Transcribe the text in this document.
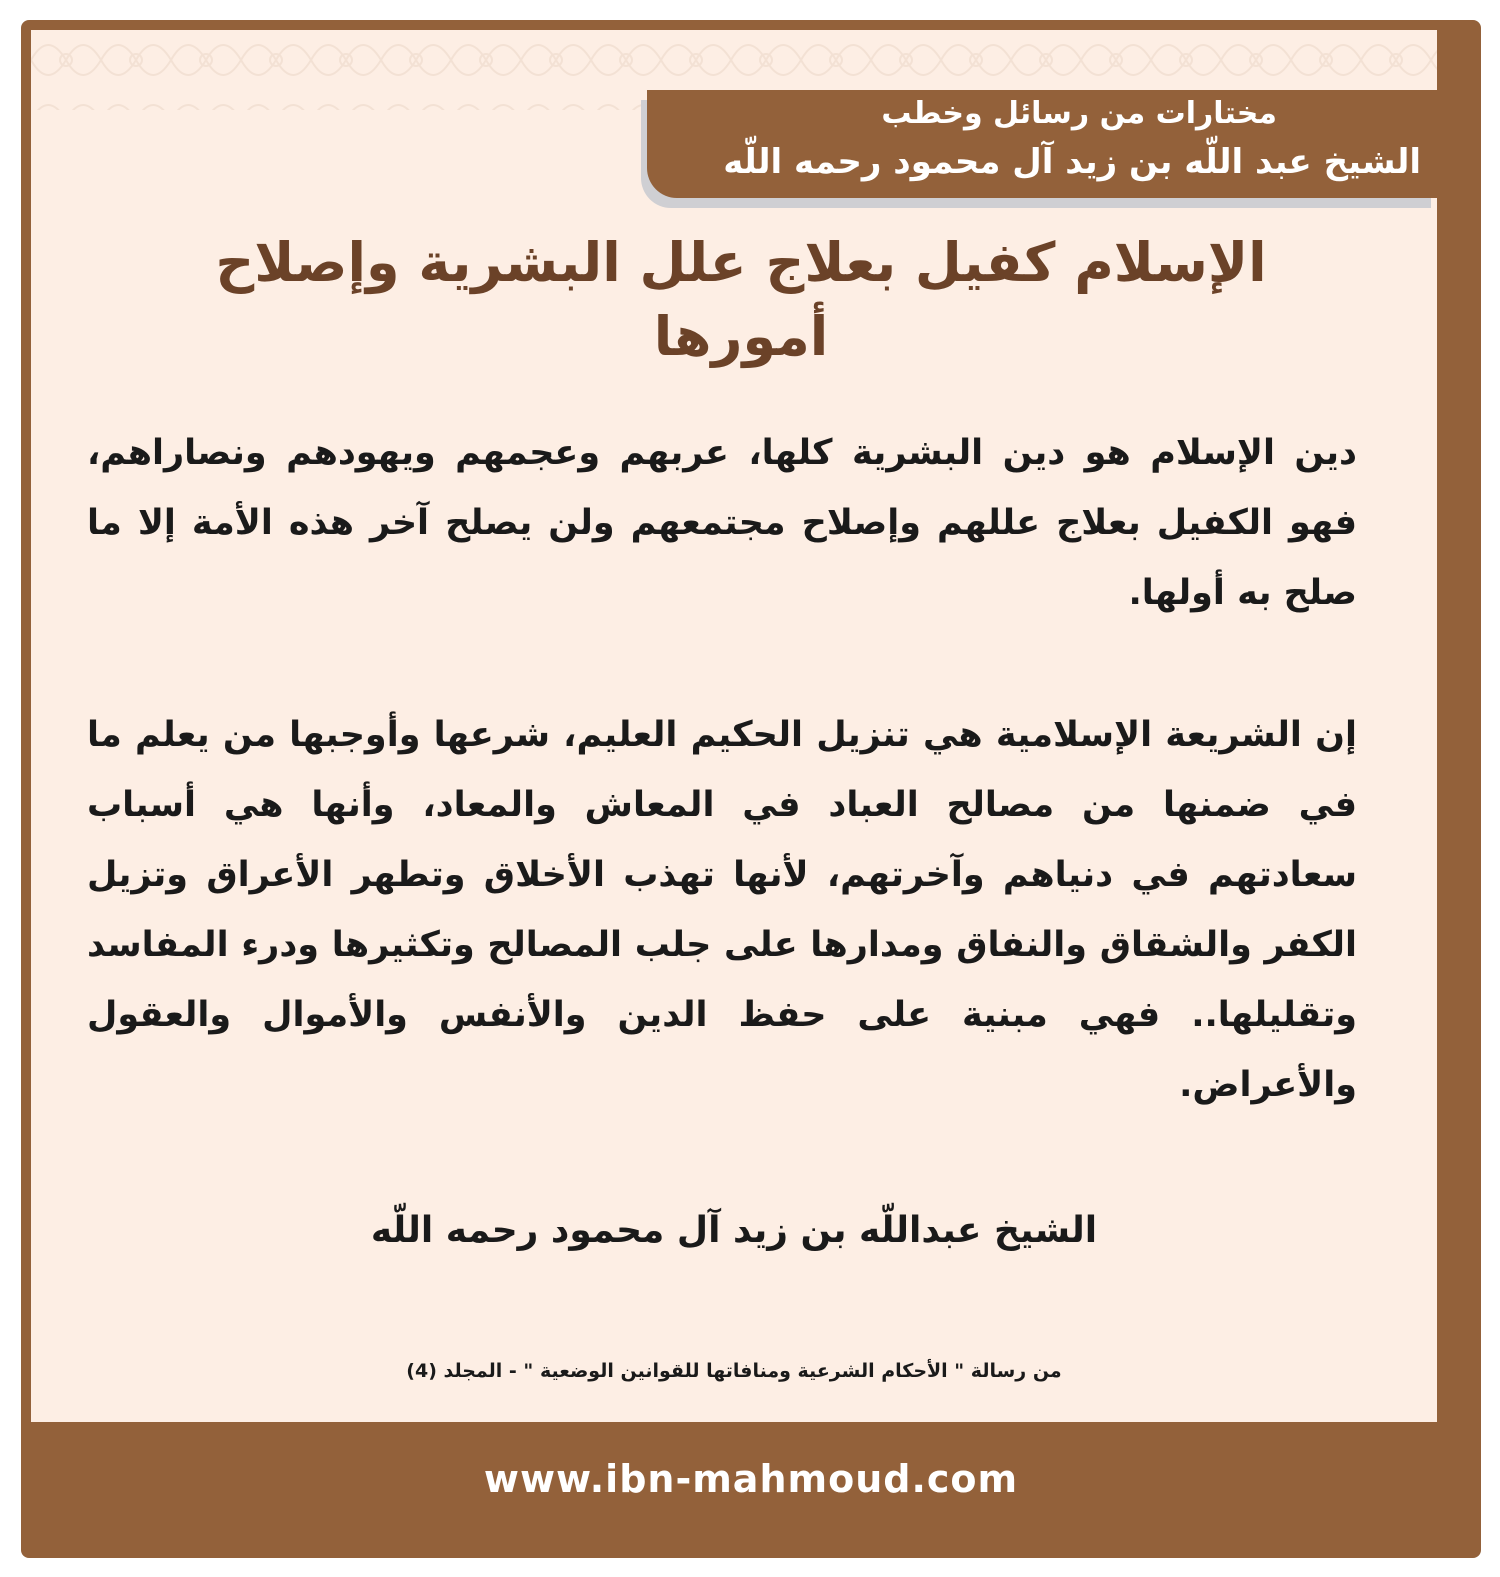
مختارات من رسائل وخطب
الشيخ عبد اللّه بن زيد آل محمود رحمه اللّه
الإسلام كفيل بعلاج علل البشرية وإصلاح أمورها
دين الإسلام هو دين البشرية كلها، عربهم وعجمهم ويهودهم ونصاراهم، فهو الكفيل بعلاج عللهم وإصلاح مجتمعهم ولن يصلح آخر هذه الأمة إلا ما صلح به أولها.
إن الشريعة الإسلامية هي تنزيل الحكيم العليم، شرعها وأوجبها من يعلم ما في ضمنها من مصالح العباد في المعاش والمعاد، وأنها هي أسباب سعادتهم في دنياهم وآخرتهم، لأنها تهذب الأخلاق وتطهر الأعراق وتزيل الكفر والشقاق والنفاق ومدارها على جلب المصالح وتكثيرها ودرء المفاسد وتقليلها.. فهي مبنية على حفظ الدين والأنفس والأموال والعقول والأعراض.
الشيخ عبداللّه بن زيد آل محمود رحمه اللّه
من رسالة " الأحكام الشرعية ومنافاتها للقوانين الوضعية " - المجلد (4)
www.ibn-mahmoud.com
